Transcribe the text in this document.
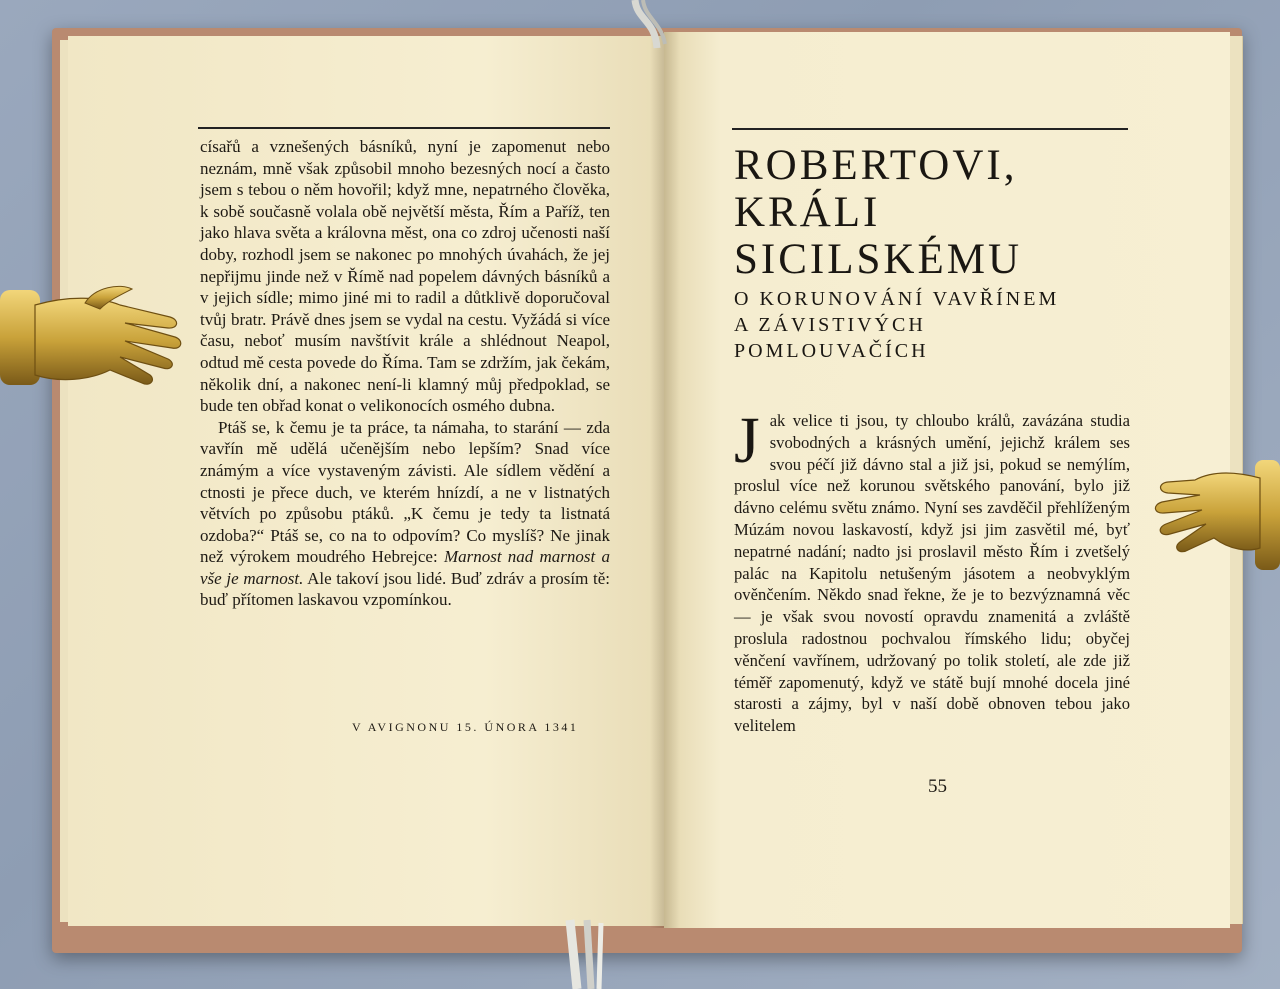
císařů a vznešených básníků, nyní je zapomenut nebo neznám, mně však způsobil mnoho bezesných nocí a často jsem s tebou o něm hovořil; když mne, nepatrného člověka, k sobě současně volala obě největší města, Řím a Paříž, ten jako hlava světa a královna měst, ona co zdroj učenosti naší doby, rozhodl jsem se nakonec po mnohých úvahách, že jej nepřijmu jinde než v Římě nad popelem dávných básníků a v jejich sídle; mimo jiné mi to radil a důtklivě doporučoval tvůj bratr. Právě dnes jsem se vydal na cestu. Vyžádá si více času, neboť musím navštívit krále a shlédnout Neapol, odtud mě cesta povede do Říma. Tam se zdržím, jak čekám, několik dní, a nakonec není-li klamný můj předpoklad, se bude ten obřad konat o velikonocích osmého dubna.

Ptáš se, k čemu je ta práce, ta námaha, to starání — zda vavřín mě udělá učenějším nebo lepším? Snad více známým a více vystaveným závisti. Ale sídlem vědění a ctnosti je přece duch, ve kterém hnízdí, a ne v listnatých větvích po způsobu ptáků. „K čemu je tedy ta listnatá ozdoba?“ Ptáš se, co na to odpovím? Co myslíš? Ne jinak než výrokem moudrého Hebrejce: Marnost nad marnost a vše je marnost. Ale takoví jsou lidé. Buď zdráv a prosím tě: buď přítomen laskavou vzpomínkou.

V AVIGNONU 15. ÚNORA 1341
ROBERTOVI,
KRÁLI
SICILSKÉMU
O KORUNOVÁNÍ VAVŘÍNEM
A ZÁVISTIVÝCH
POMLOUVAČÍCH
Jak velice ti jsou, ty chloubo králů, zavázána studia svobodných a krásných umění, jejichž králem ses svou péčí již dávno stal a již jsi, pokud se nemýlím, proslul více než korunou světského panování, bylo již dávno celému světu známo. Nyní ses zavděčil přehlíženým Múzám novou laskavostí, když jsi jim zasvětil mé, byť nepatrné nadání; nadto jsi proslavil město Řím i zvetšelý palác na Kapitolu netušeným jásotem a neobvyklým ověnčením. Někdo snad řekne, že je to bezvýznamná věc — je však svou novostí opravdu znamenitá a zvláště proslula radostnou pochvalou římského lidu; obyčej věnčení vavřínem, udržovaný po tolik století, ale zde již téměř zapomenutý, když ve státě bují mnohé docela jiné starosti a zájmy, byl v naší době obnoven tebou jako velitelem
55
